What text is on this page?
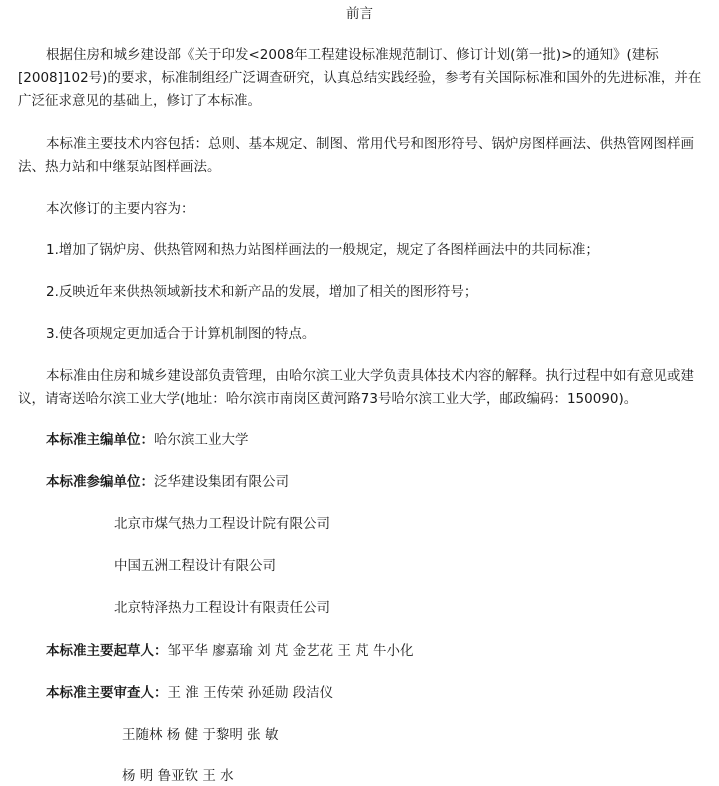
前言
根据住房和城乡建设部《关于印发<2008年工程建设标准规范制订、修订计划(第一批)>的通知》(建标[2008]102号)的要求，标准制组经广泛调查研究，认真总结实践经验，参考有关国际标准和国外的先进标准，并在广泛征求意见的基础上，修订了本标准。
本标准主要技术内容包括：总则、基本规定、制图、常用代号和图形符号、锅炉房图样画法、供热管网图样画法、热力站和中继泵站图样画法。
本次修订的主要内容为：
1.增加了锅炉房、供热管网和热力站图样画法的一般规定，规定了各图样画法中的共同标准；
2.反映近年来供热领域新技术和新产品的发展，增加了相关的图形符号；
3.使各项规定更加适合于计算机制图的特点。
本标准由住房和城乡建设部负责管理，由哈尔滨工业大学负责具体技术内容的解释。执行过程中如有意见或建议，请寄送哈尔滨工业大学(地址：哈尔滨市南岗区黄河路73号哈尔滨工业大学，邮政编码：150090)。
本标准主编单位：哈尔滨工业大学
本标准参编单位：泛华建设集团有限公司
北京市煤气热力工程设计院有限公司
中国五洲工程设计有限公司
北京特泽热力工程设计有限责任公司
本标准主要起草人：邹平华 廖嘉瑜 刘 芃 金艺花 王 芃 牛小化
本标准主要审查人：王 淮 王传荣 孙延勋 段洁仪
王随林 杨 健 于黎明 张 敏
杨 明 鲁亚钦 王 水
